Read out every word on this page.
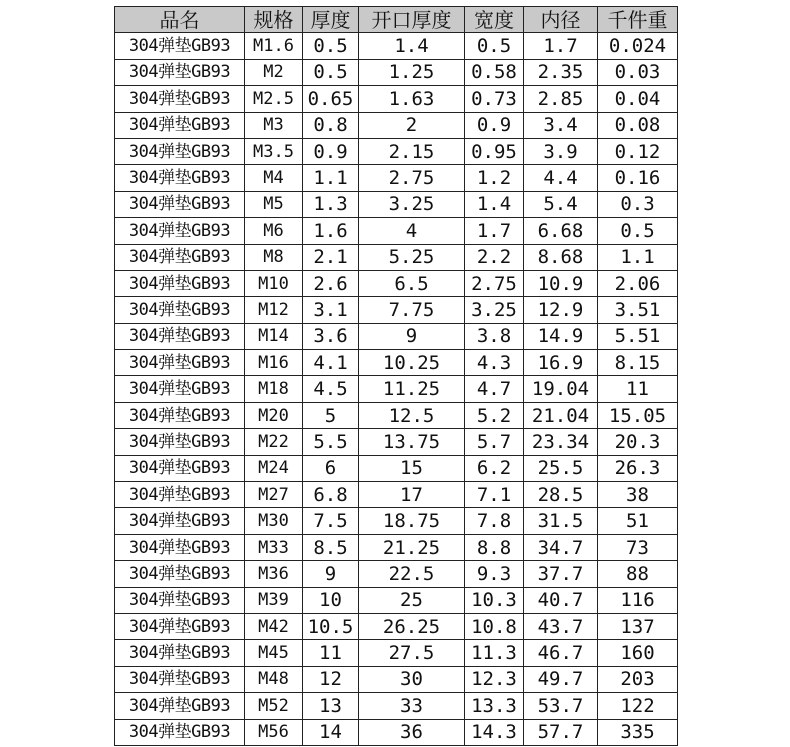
品名	规格	厚度	开口厚度	宽度	内径	千件重
304弹垫GB93	M1.6	0.5	1.4	0.5	1.7	0.024
304弹垫GB93	M2	0.5	1.25	0.58	2.35	0.03
304弹垫GB93	M2.5	0.65	1.63	0.73	2.85	0.04
304弹垫GB93	M3	0.8	2	0.9	3.4	0.08
304弹垫GB93	M3.5	0.9	2.15	0.95	3.9	0.12
304弹垫GB93	M4	1.1	2.75	1.2	4.4	0.16
304弹垫GB93	M5	1.3	3.25	1.4	5.4	0.3
304弹垫GB93	M6	1.6	4	1.7	6.68	0.5
304弹垫GB93	M8	2.1	5.25	2.2	8.68	1.1
304弹垫GB93	M10	2.6	6.5	2.75	10.9	2.06
304弹垫GB93	M12	3.1	7.75	3.25	12.9	3.51
304弹垫GB93	M14	3.6	9	3.8	14.9	5.51
304弹垫GB93	M16	4.1	10.25	4.3	16.9	8.15
304弹垫GB93	M18	4.5	11.25	4.7	19.04	11
304弹垫GB93	M20	5	12.5	5.2	21.04	15.05
304弹垫GB93	M22	5.5	13.75	5.7	23.34	20.3
304弹垫GB93	M24	6	15	6.2	25.5	26.3
304弹垫GB93	M27	6.8	17	7.1	28.5	38
304弹垫GB93	M30	7.5	18.75	7.8	31.5	51
304弹垫GB93	M33	8.5	21.25	8.8	34.7	73
304弹垫GB93	M36	9	22.5	9.3	37.7	88
304弹垫GB93	M39	10	25	10.3	40.7	116
304弹垫GB93	M42	10.5	26.25	10.8	43.7	137
304弹垫GB93	M45	11	27.5	11.3	46.7	160
304弹垫GB93	M48	12	30	12.3	49.7	203
304弹垫GB93	M52	13	33	13.3	53.7	122
304弹垫GB93	M56	14	36	14.3	57.7	335
